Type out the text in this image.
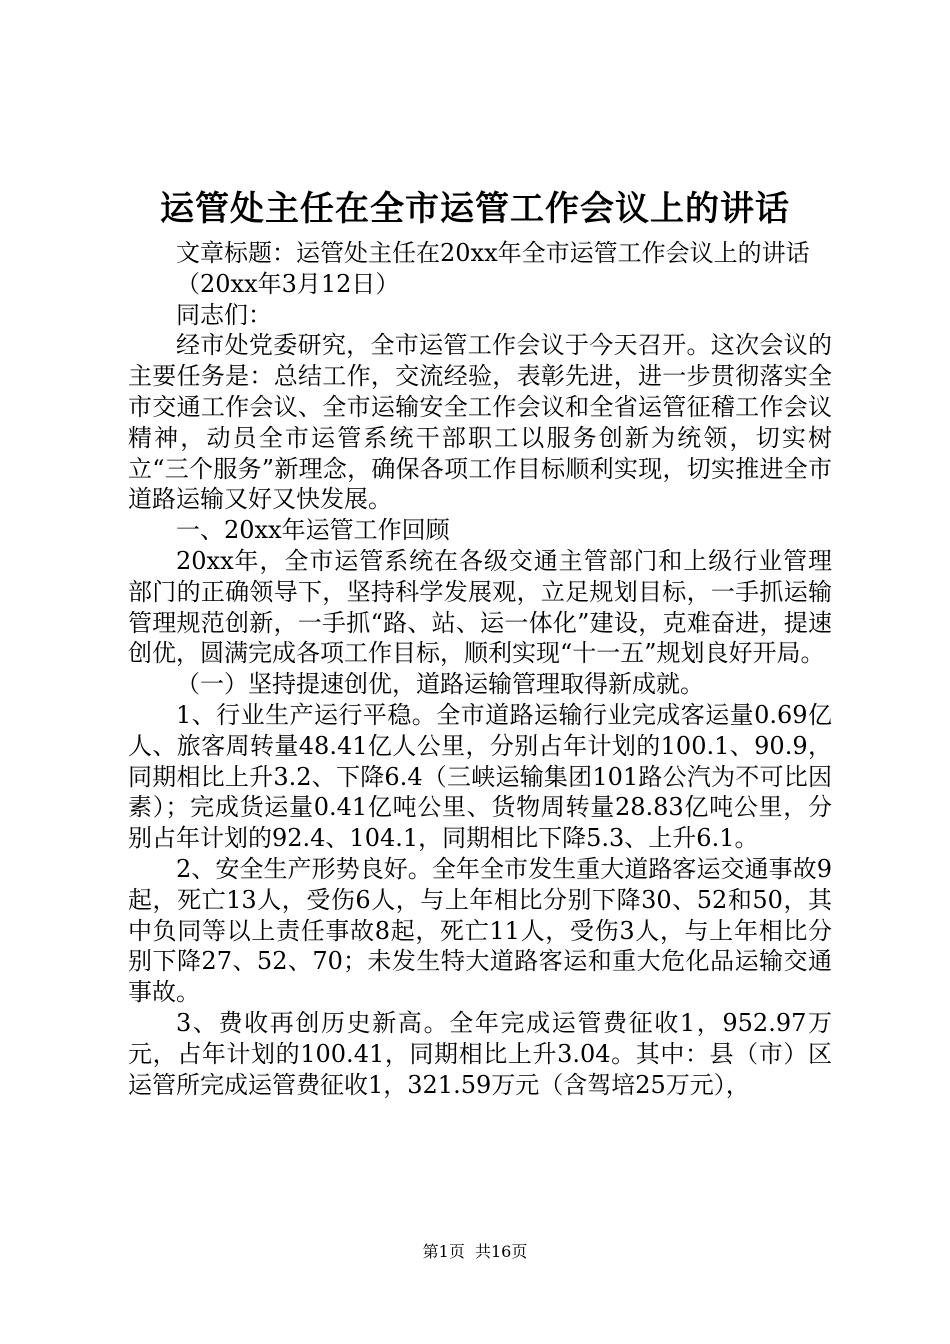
运管处主任在全市运管工作会议上的讲话

文章标题：运管处主任在20xx年全市运管工作会议上的讲话

（20xx年3月12日）

同志们：

经市处党委研究，全市运管工作会议于今天召开。这次会议的主要任务是：总结工作，交流经验，表彰先进，进一步贯彻落实全市交通工作会议、全市运输安全工作会议和全省运管征稽工作会议精神，动员全市运管系统干部职工以服务创新为统领，切实树立“三个服务”新理念，确保各项工作目标顺利实现，切实推进全市道路运输又好又快发展。

一、20xx年运管工作回顾

20xx年，全市运管系统在各级交通主管部门和上级行业管理部门的正确领导下，坚持科学发展观，立足规划目标，一手抓运输管理规范创新，一手抓“路、站、运一体化”建设，克难奋进，提速创优，圆满完成各项工作目标，顺利实现“十一五”规划良好开局。

（一）坚持提速创优，道路运输管理取得新成就。

1、行业生产运行平稳。全市道路运输行业完成客运量0.69亿人、旅客周转量48.41亿人公里，分别占年计划的100.1、90.9，同期相比上升3.2、下降6.4（三峡运输集团101路公汽为不可比因素）；完成货运量0.41亿吨公里、货物周转量28.83亿吨公里，分别占年计划的92.4、104.1，同期相比下降5.3、上升6.1。

2、安全生产形势良好。全年全市发生重大道路客运交通事故9起，死亡13人，受伤6人，与上年相比分别下降30、52和50，其中负同等以上责任事故8起，死亡11人，受伤3人，与上年相比分别下降27、52、70；未发生特大道路客运和重大危化品运输交通事故。

3、费收再创历史新高。全年完成运管费征收1，952.97万元，占年计划的100.41，同期相比上升3.04。其中：县（市）区运管所完成运管费征收1，321.59万元（含驾培25万元），

第1页  共16页
